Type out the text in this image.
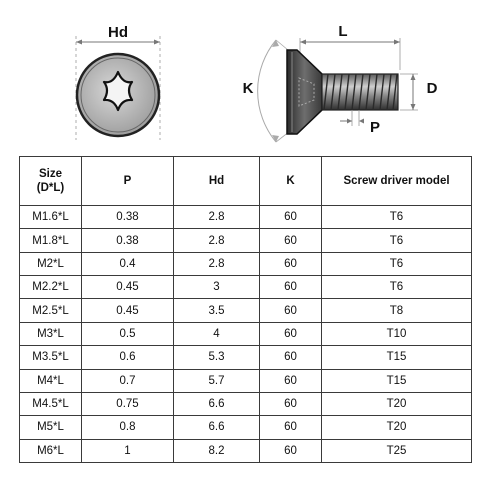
Hd	L
K	D
P
Size
(D*L)	P	Hd	K	Screw driver model
M1.6*L	0.38	2.8	60	T6
M1.8*L	0.38	2.8	60	T6
M2*L	0.4	2.8	60	T6
M2.2*L	0.45	3	60	T6
M2.5*L	0.45	3.5	60	T8
M3*L	0.5	4	60	T10
M3.5*L	0.6	5.3	60	T15
M4*L	0.7	5.7	60	T15
M4.5*L	0.75	6.6	60	T20
M5*L	0.8	6.6	60	T20
M6*L	1	8.2	60	T25
